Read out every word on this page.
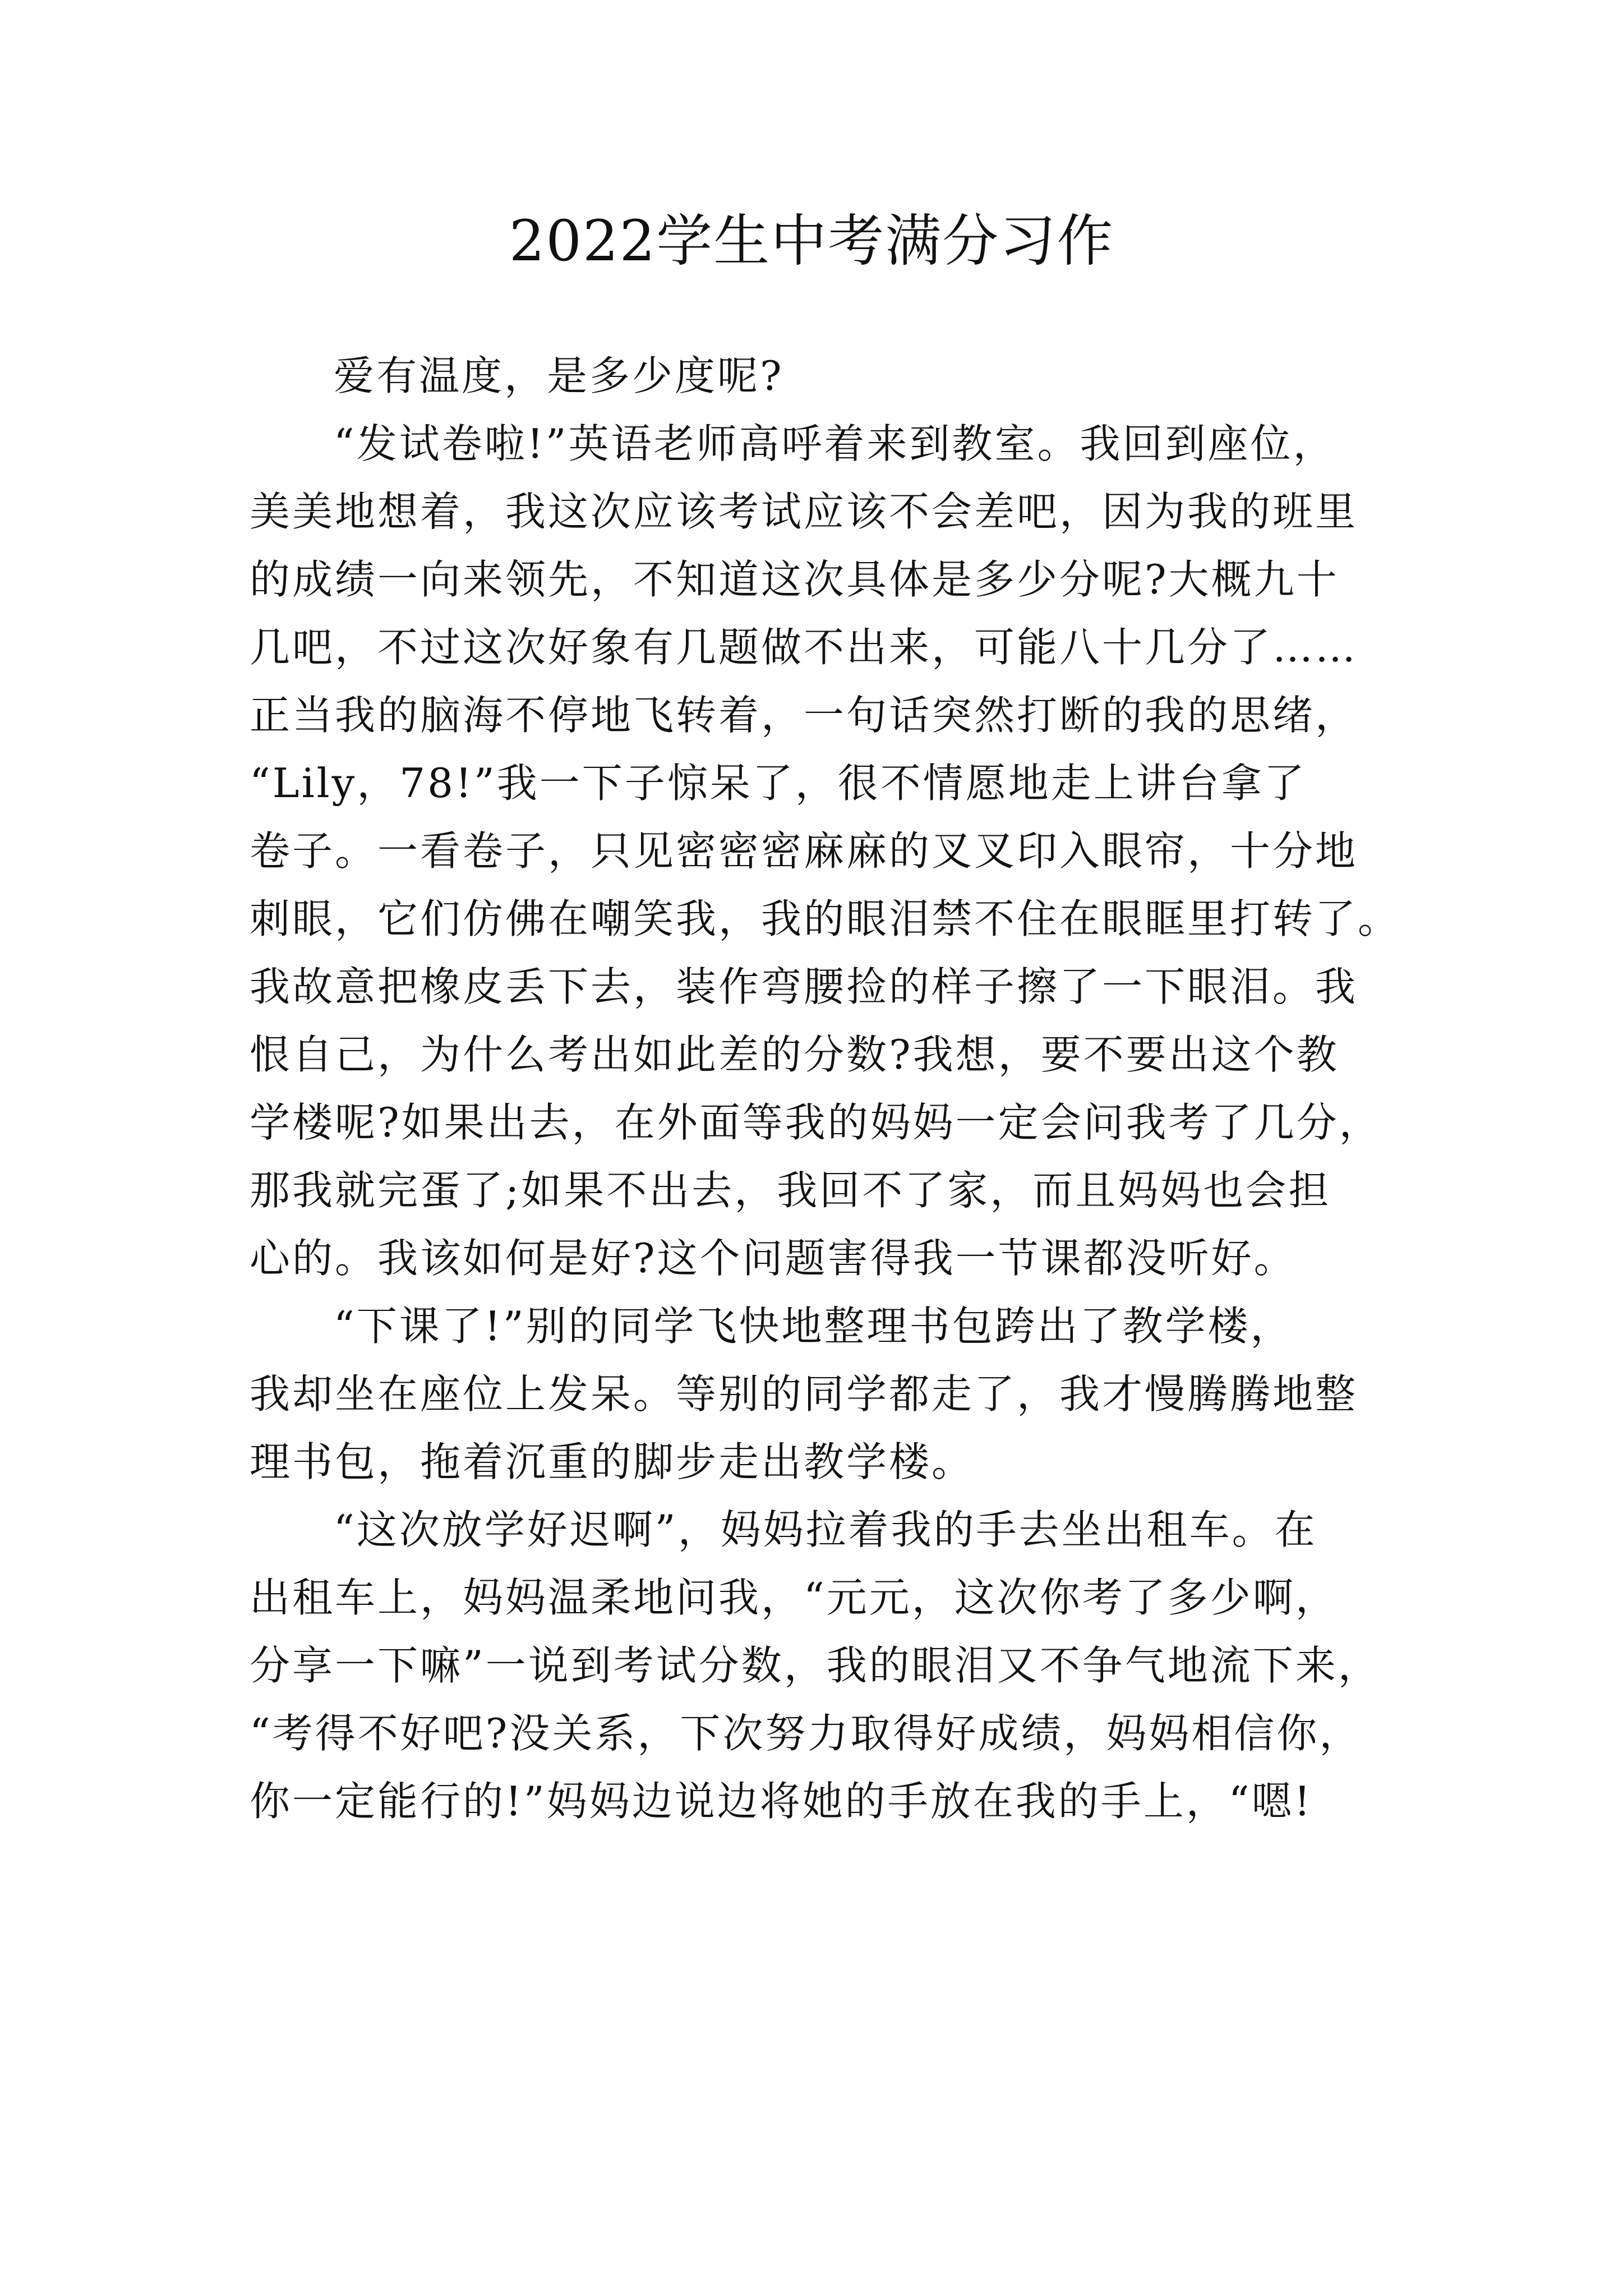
2022学生中考满分习作
爱有温度，是多少度呢?
“发试卷啦!”英语老师高呼着来到教室。我回到座位，
美美地想着，我这次应该考试应该不会差吧，因为我的班里
的成绩一向来领先，不知道这次具体是多少分呢?大概九十
几吧，不过这次好象有几题做不出来，可能八十几分了……
正当我的脑海不停地飞转着，一句话突然打断的我的思绪，
“Lily，78!”我一下子惊呆了，很不情愿地走上讲台拿了
卷子。一看卷子，只见密密密麻麻的叉叉印入眼帘，十分地
刺眼，它们仿佛在嘲笑我，我的眼泪禁不住在眼眶里打转了。
我故意把橡皮丢下去，装作弯腰捡的样子擦了一下眼泪。我
恨自己，为什么考出如此差的分数?我想，要不要出这个教
学楼呢?如果出去，在外面等我的妈妈一定会问我考了几分，
那我就完蛋了;如果不出去，我回不了家，而且妈妈也会担
心的。我该如何是好?这个问题害得我一节课都没听好。
“下课了!”别的同学飞快地整理书包跨出了教学楼，
我却坐在座位上发呆。等别的同学都走了，我才慢腾腾地整
理书包，拖着沉重的脚步走出教学楼。
“这次放学好迟啊”，妈妈拉着我的手去坐出租车。在
出租车上，妈妈温柔地问我，“元元，这次你考了多少啊，
分享一下嘛”一说到考试分数，我的眼泪又不争气地流下来，
“考得不好吧?没关系，下次努力取得好成绩，妈妈相信你，
你一定能行的!”妈妈边说边将她的手放在我的手上，“嗯!
